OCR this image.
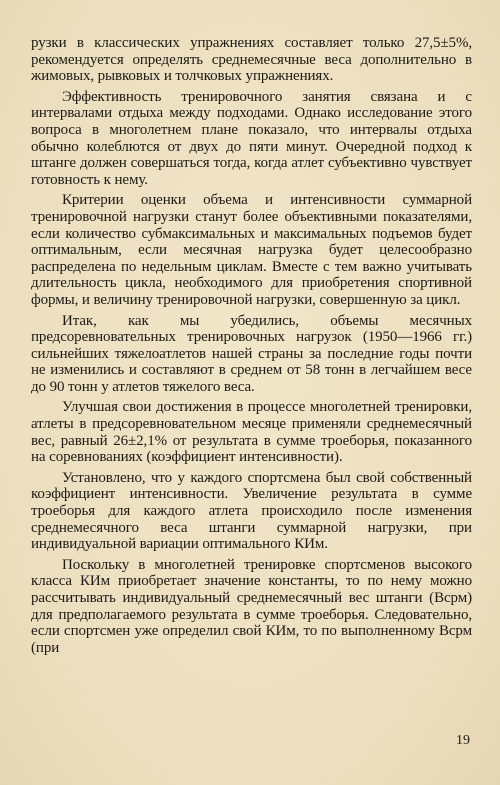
рузки в классических упражнениях составляет только 27,5±5%, рекомендуется определять среднемесячные веса дополнительно в жимовых, рывковых и толчковых упражнениях.

Эффективность тренировочного занятия связана и с интервалами отдыха между подходами. Однако исследование этого вопроса в многолетнем плане показало, что интервалы отдыха обычно колеблются от двух до пяти минут. Очередной подход к штанге должен совершаться тогда, когда атлет субъективно чувствует готовность к нему.

Критерии оценки объема и интенсивности суммарной тренировочной нагрузки станут более объективными показателями, если количество субмаксимальных и максимальных подъемов будет оптимальным, если месячная нагрузка будет целесообразно распределена по недельным циклам. Вместе с тем важно учитывать длительность цикла, необходимого для приобретения спортивной формы, и величину тренировочной нагрузки, совершенную за цикл.

Итак, как мы убедились, объемы месячных предсоревновательных тренировочных нагрузок (1950—1966 гг.) сильнейших тяжелоатлетов нашей страны за последние годы почти не изменились и составляют в среднем от 58 тонн в легчайшем весе до 90 тонн у атлетов тяжелого веса.

Улучшая свои достижения в процессе многолетней тренировки, атлеты в предсоревновательном месяце применяли среднемесячный вес, равный 26±2,1% от результата в сумме троеборья, показанного на соревнованиях (коэффициент интенсивности).

Установлено, что у каждого спортсмена был свой собственный коэффициент интенсивности. Увеличение результата в сумме троеборья для каждого атлета происходило после изменения среднемесячного веса штанги суммарной нагрузки, при индивидуальной вариации оптимального КИм.

Поскольку в многолетней тренировке спортсменов высокого класса КИм приобретает значение константы, то по нему можно рассчитывать индивидуальный среднемесячный вес штанги (Всрм) для предполагаемого результата в сумме троеборья. Следовательно, если спортсмен уже определил свой КИм, то по выполненному Всрм (при

19
